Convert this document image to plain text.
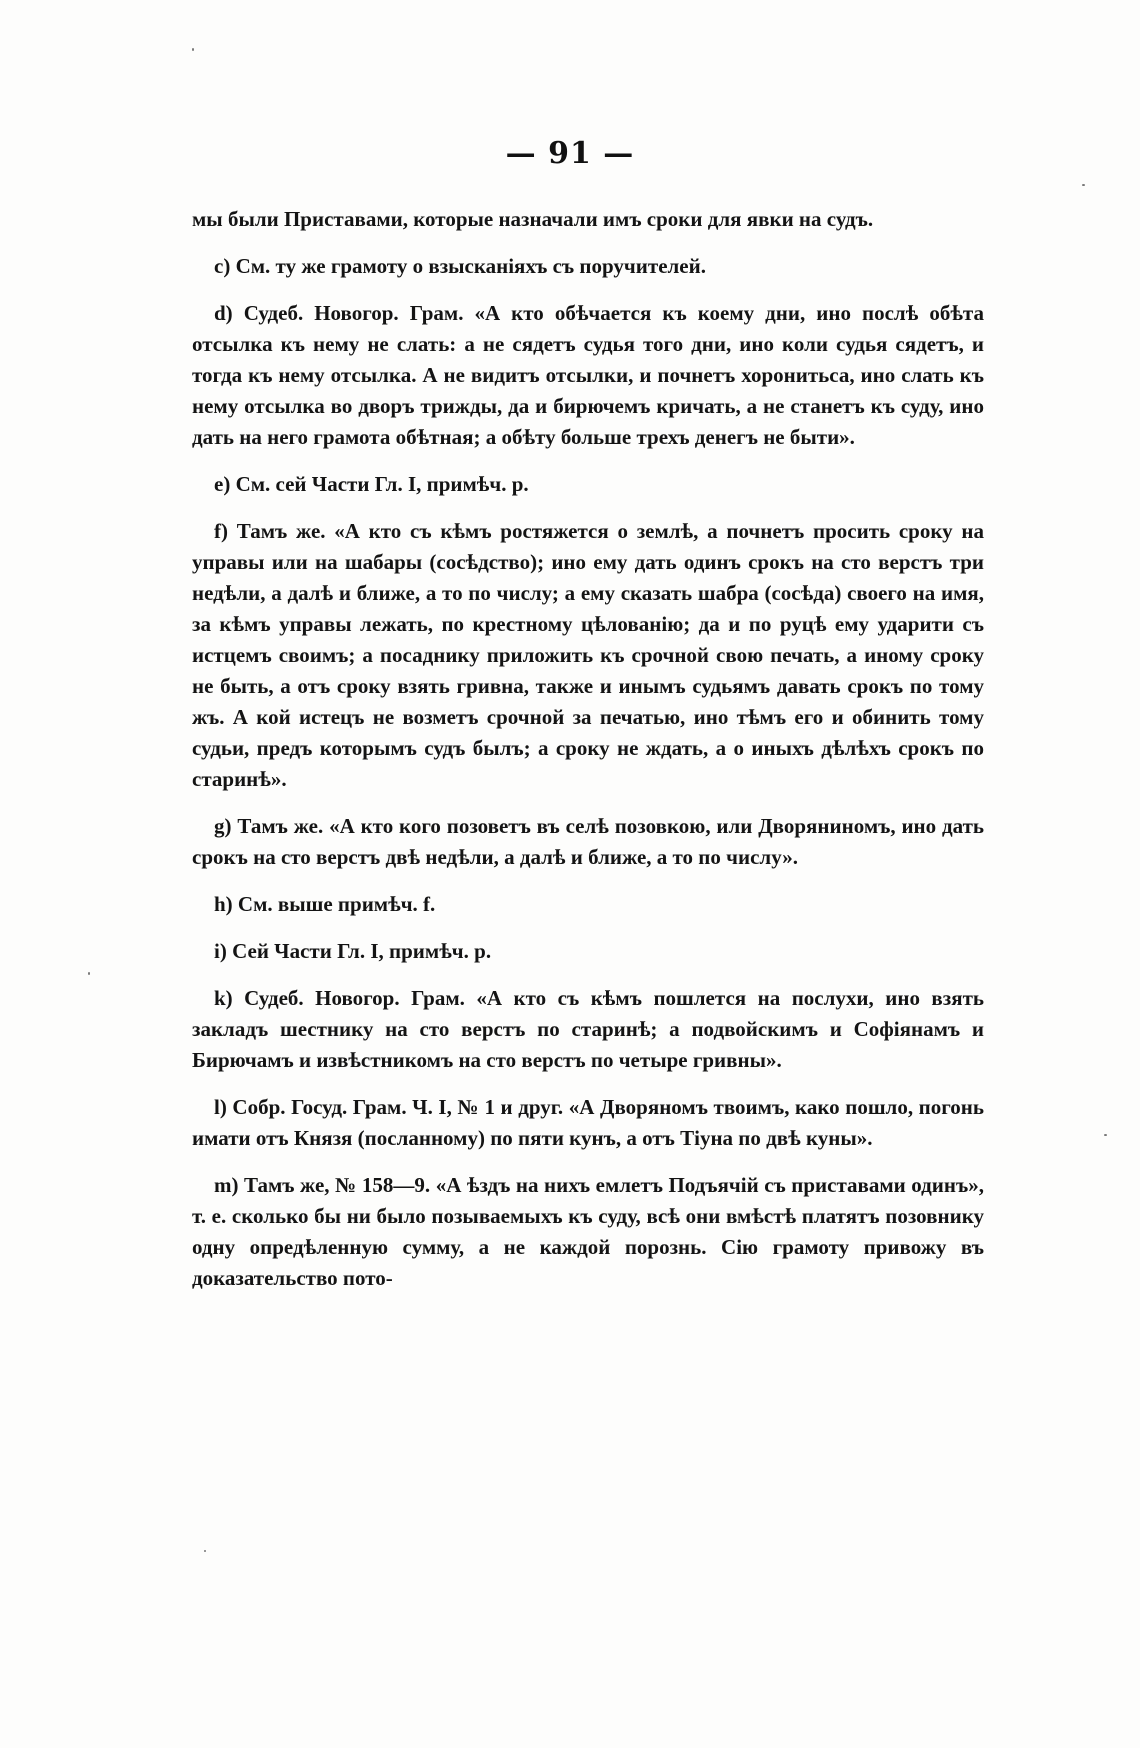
— 91 —

мы были Приставами, которые назначали имъ сроки для явки на судъ.

c) См. ту же грамоту о взысканiяхъ съ поручителей.

d) Судеб. Новогор. Грам. «А кто обѣчается къ коему дни, ино послѣ обѣта отсылка къ нему не слать: а не сядетъ судья того дни, ино коли судья сядетъ, и тогда къ нему отсылка. А не видитъ отсылки, и почнетъ хоронитьса, ино слать къ нему отсылка во дворъ трижды, да и бирючемъ кричать, а не станетъ къ суду, ино дать на него грамота обѣтная; а обѣту больше трехъ денегъ не быти».

e) См. сей Части Гл. I, примѣч. p.

f) Тамъ же. «А кто съ кѣмъ ростяжется о землѣ, а почнетъ просить сроку на управы или на шабары (сосѣдство); ино ему дать одинъ срокъ на сто верстъ три недѣли, а далѣ и ближе, а то по числу; а ему сказать шабра (сосѣда) своего на имя, за кѣмъ управы лежать, по крестному цѣлованiю; да и по руцѣ ему ударити съ истцемъ своимъ; а посаднику приложить къ срочной свою печать, а иному сроку не быть, а отъ сроку взять гривна, также и инымъ судьямъ давать срокъ по тому жъ. А кой истецъ не возметъ срочной за печатью, ино тѣмъ его и обинить тому судьи, предъ которымъ судъ былъ; а сроку не ждать, а о иныхъ дѣлѣхъ срокъ по старинѣ».

g) Тамъ же. «А кто кого позоветъ въ селѣ позовкою, или Дворяниномъ, ино дать срокъ на сто верстъ двѣ недѣли, а далѣ и ближе, а то по числу».

h) См. выше примѣч. f.

i) Сей Части Гл. I, примѣч. p.

k) Судеб. Новогор. Грам. «А кто съ кѣмъ пошлется на послухи, ино взять закладъ шестнику на сто верстъ по старинѣ; а подвойскимъ и Софiянамъ и Бирючамъ и извѣстникомъ на сто верстъ по четыре гривны».

l) Собр. Госуд. Грам. Ч. I, № 1 и друг. «А Дворяномъ твоимъ, како пошло, погонь имати отъ Князя (посланному) по пяти кунъ, а отъ Тiуна по двѣ куны».

m) Тамъ же, № 158—9. «А ѣздъ на нихъ емлетъ Подъячiй съ приставами одинъ», т. е. сколько бы ни было позываемыхъ къ суду, всѣ они вмѣстѣ платятъ позовнику одну опредѣленную сумму, а не каждой порознь. Сiю грамоту привожу въ доказательство пото-
